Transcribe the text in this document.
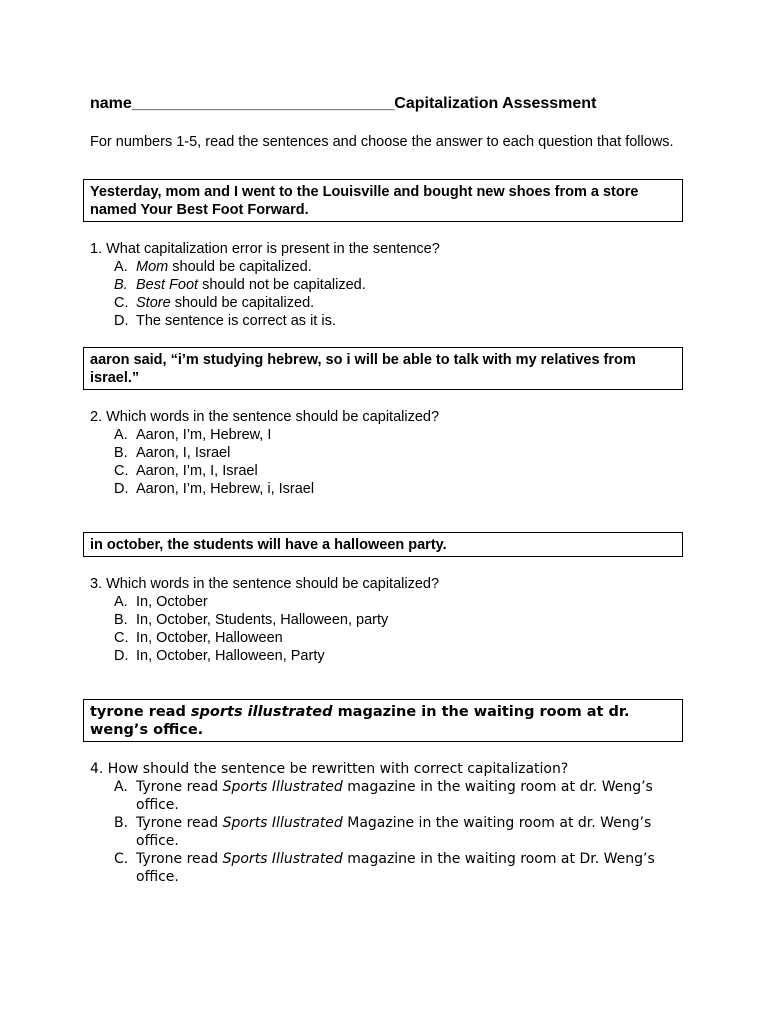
name ______________________________ Capitalization Assessment
For numbers 1-5, read the sentences and choose the answer to each question that follows.
Yesterday, mom and I went to the Louisville and bought new shoes from a store named Your Best Foot Forward.
1. What capitalization error is present in the sentence?
A. Mom should be capitalized.
B. Best Foot should not be capitalized.
C. Store should be capitalized.
D. The sentence is correct as it is.
aaron said, “i’m studying hebrew, so i will be able to talk with my relatives from israel.”
2. Which words in the sentence should be capitalized?
A. Aaron, I’m, Hebrew, I
B. Aaron, I, Israel
C. Aaron, I’m, I, Israel
D. Aaron, I’m, Hebrew, i, Israel
in october, the students will have a halloween party.
3. Which words in the sentence should be capitalized?
A. In, October
B. In, October, Students, Halloween, party
C. In, October, Halloween
D. In, October, Halloween, Party
tyrone read sports illustrated magazine in the waiting room at dr. weng’s office.
4. How should the sentence be rewritten with correct capitalization?
A. Tyrone read Sports Illustrated magazine in the waiting room at dr. Weng’s office.
B. Tyrone read Sports Illustrated Magazine in the waiting room at dr. Weng’s office.
C. Tyrone read Sports Illustrated magazine in the waiting room at Dr. Weng’s office.
